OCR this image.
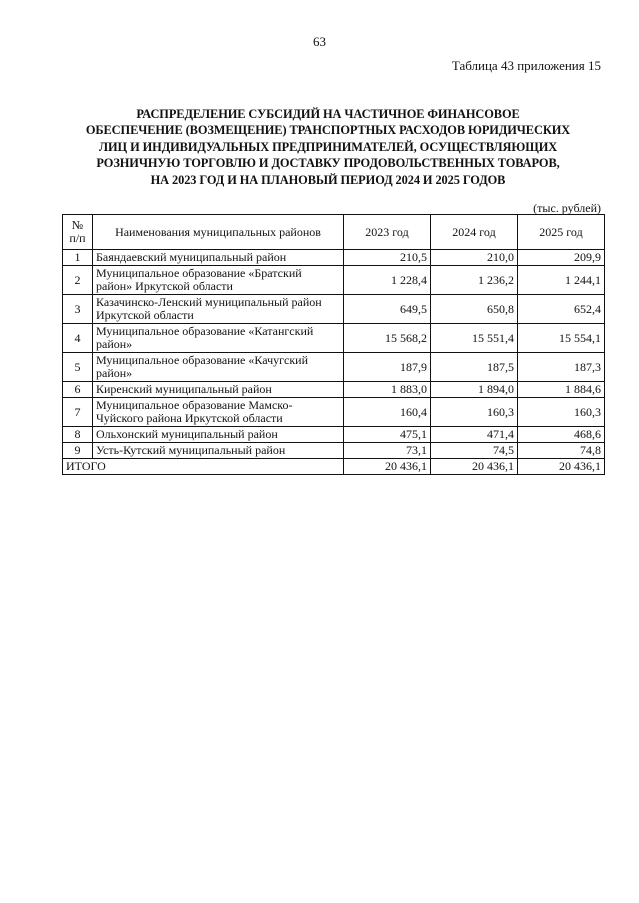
63
Таблица 43 приложения 15
РАСПРЕДЕЛЕНИЕ СУБСИДИЙ НА ЧАСТИЧНОЕ ФИНАНСОВОЕ
ОБЕСПЕЧЕНИЕ (ВОЗМЕЩЕНИЕ) ТРАНСПОРТНЫХ РАСХОДОВ ЮРИДИЧЕСКИХ
ЛИЦ И ИНДИВИДУАЛЬНЫХ ПРЕДПРИНИМАТЕЛЕЙ, ОСУЩЕСТВЛЯЮЩИХ
РОЗНИЧНУЮ ТОРГОВЛЮ И ДОСТАВКУ ПРОДОВОЛЬСТВЕННЫХ ТОВАРОВ,
НА 2023 ГОД И НА ПЛАНОВЫЙ ПЕРИОД 2024 И 2025 ГОДОВ
(тыс. рублей)
№
п/п	Наименования муниципальных районов	2023 год	2024 год	2025 год
1	Баяндаевский муниципальный район	210,5	210,0	209,9
2	Муниципальное образование «Братский
район» Иркутской области	1 228,4	1 236,2	1 244,1
3	Казачинско-Ленский муниципальный район
Иркутской области	649,5	650,8	652,4
4	Муниципальное образование «Катангский
район»	15 568,2	15 551,4	15 554,1
5	Муниципальное образование «Качугский
район»	187,9	187,5	187,3
6	Киренский муниципальный район	1 883,0	1 894,0	1 884,6
7	Муниципальное образование Мамско-
Чуйского района Иркутской области	160,4	160,3	160,3
8	Ольхонский муниципальный район	475,1	471,4	468,6
9	Усть-Кутский муниципальный район	73,1	74,5	74,8
ИТОГО		20 436,1	20 436,1	20 436,1
